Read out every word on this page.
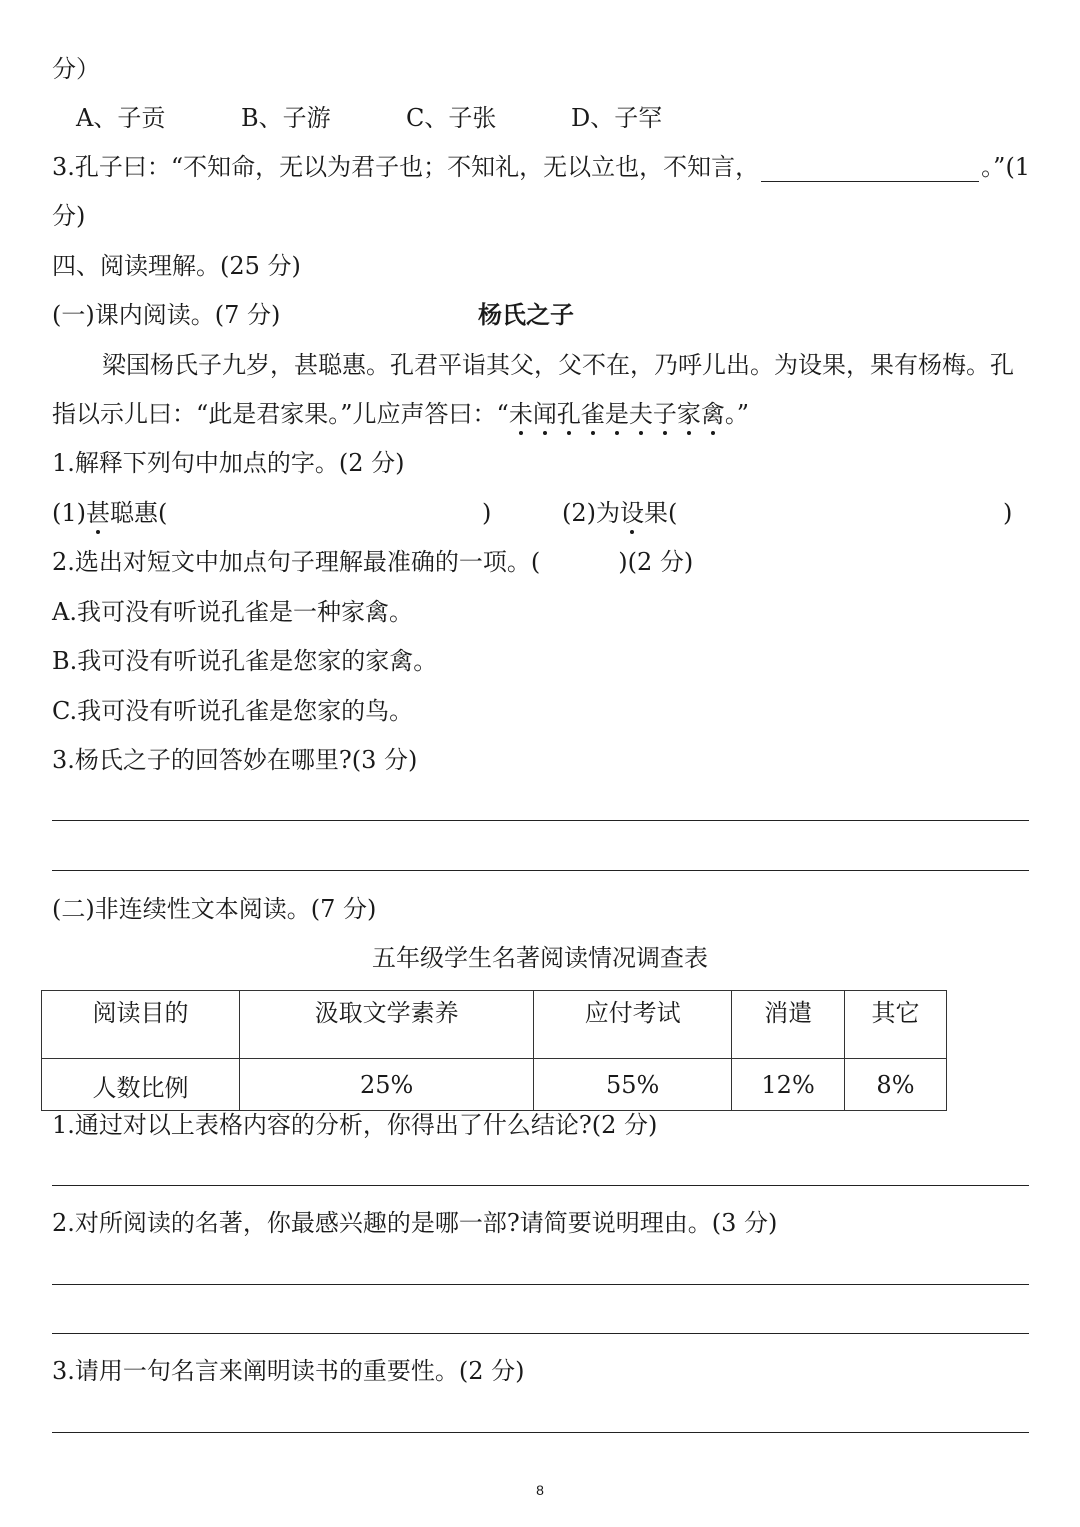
分）
A、子贡	B、子游	C、子张	D、子罕
3.孔子曰：“不知命，无以为君子也；不知礼，无以立也，不知言，	。”(1
分)
四、阅读理解。(25 分)
(一)课内阅读。(7 分)	杨氏之子
梁国杨氏子九岁，甚聪惠。孔君平诣其父，父不在，乃呼儿出。为设果，果有杨梅。孔
指以示儿曰：“此是君家果。”儿应声答曰：“未闻孔雀是夫子家禽。”
1.解释下列句中加点的字。(2 分)
(1)甚聪惠(	)	(2)为设果(	)
2.选出对短文中加点句子理解最准确的一项。(	)(2 分)
A.我可没有听说孔雀是一种家禽。
B.我可没有听说孔雀是您家的家禽。
C.我可没有听说孔雀是您家的鸟。
3.杨氏之子的回答妙在哪里?(3 分)
(二)非连续性文本阅读。(7 分)
五年级学生名著阅读情况调查表
阅读目的	汲取文学素养	应付考试	消遣	其它
人数比例	25%	55%	12%	8%
1.通过对以上表格内容的分析，你得出了什么结论?(2 分)
2.对所阅读的名著，你最感兴趣的是哪一部?请简要说明理由。(3 分)
3.请用一句名言来阐明读书的重要性。(2 分)
8
